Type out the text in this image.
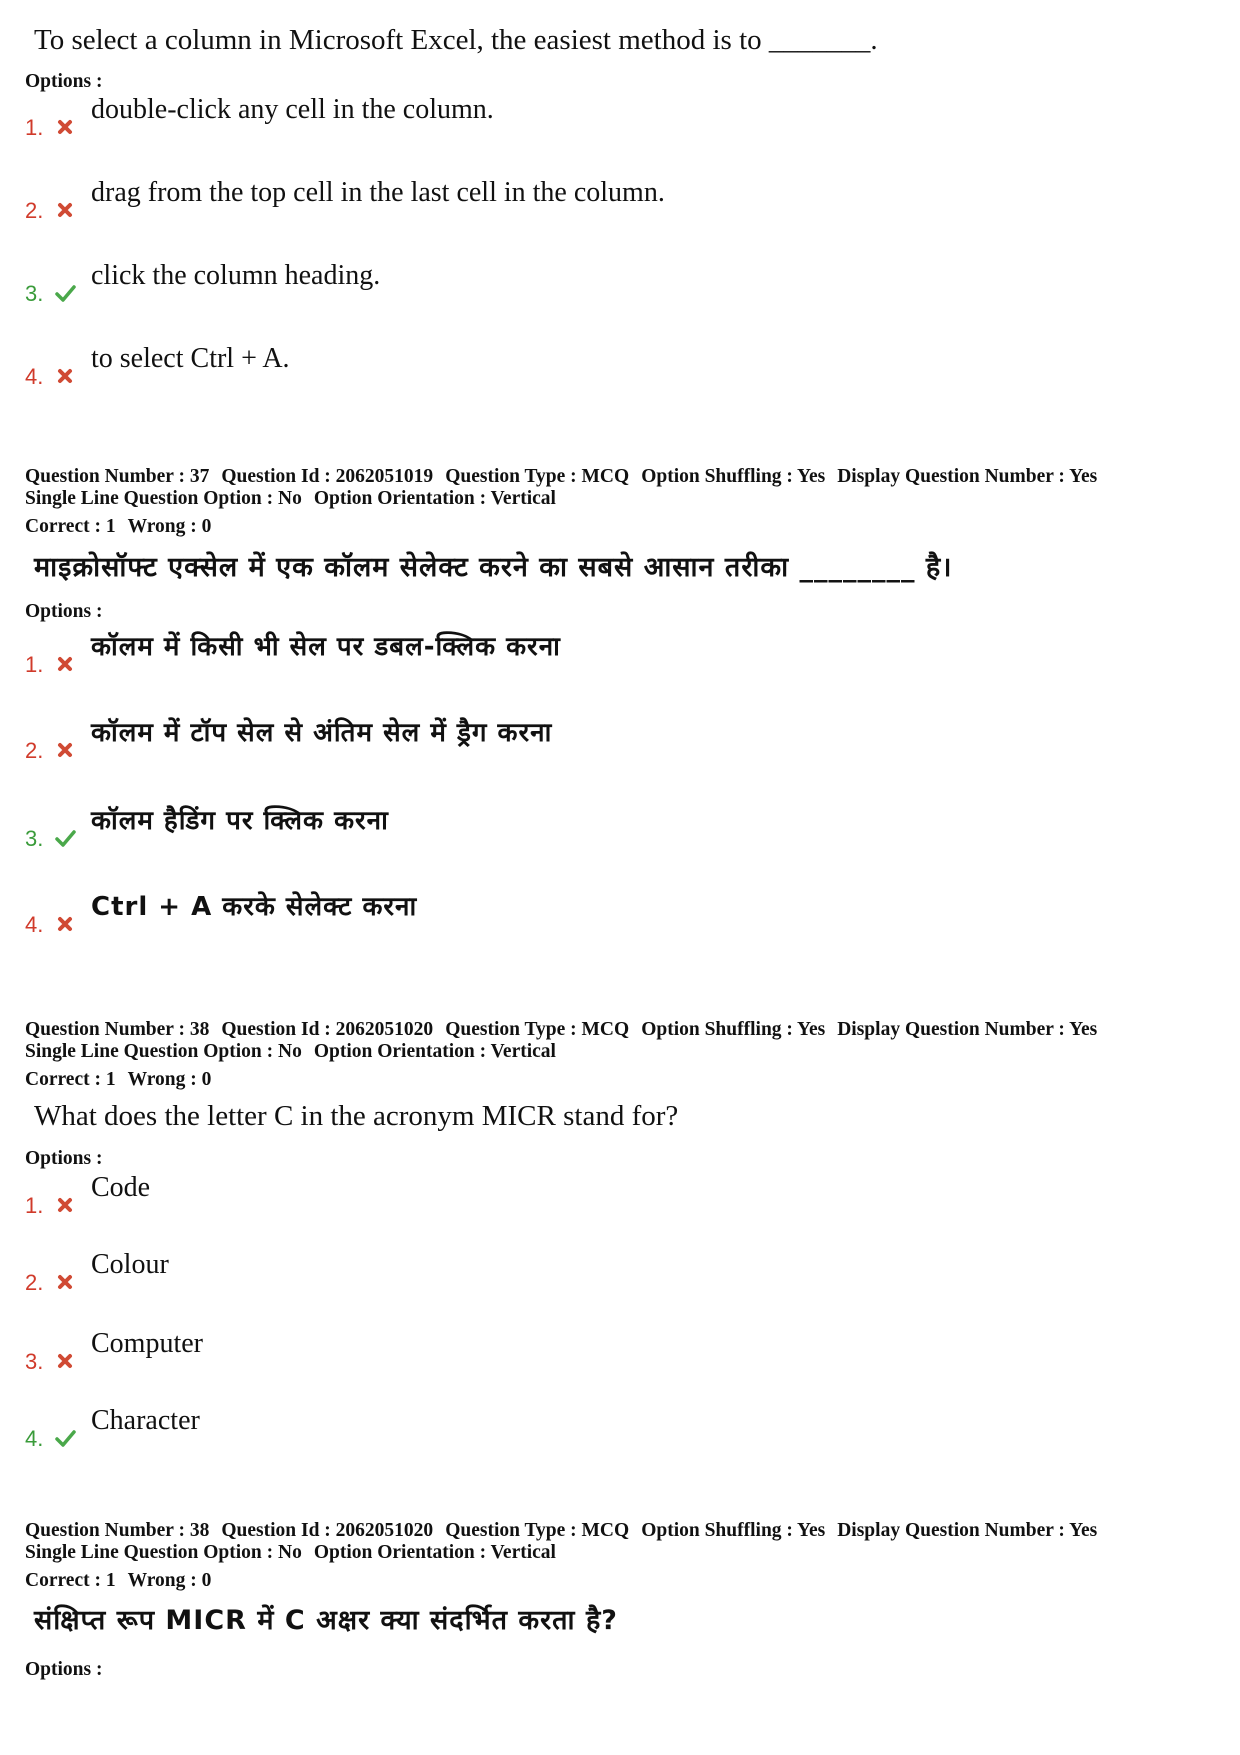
To select a column in Microsoft Excel, the easiest method is to _______.
Options :
1.
double-click any cell in the column.
2.
drag from the top cell in the last cell in the column.
3.
click the column heading.
4.
to select Ctrl + A.
Question Number : 37 Question Id : 2062051019 Question Type : MCQ Option Shuffling : Yes Display Question Number : Yes
Single Line Question Option : No Option Orientation : Vertical
Correct : 1 Wrong : 0
माइक्रोसॉफ्ट एक्सेल में एक कॉलम सेलेक्ट करने का सबसे आसान तरीका ________ है।
Options :
1.
कॉलम में किसी भी सेल पर डबल-क्लिक करना
2.
कॉलम में टॉप सेल से अंतिम सेल में ड्रैग करना
3.
कॉलम हैडिंग पर क्लिक करना
4.
Ctrl + A करके सेलेक्ट करना
Question Number : 38 Question Id : 2062051020 Question Type : MCQ Option Shuffling : Yes Display Question Number : Yes
Single Line Question Option : No Option Orientation : Vertical
Correct : 1 Wrong : 0
What does the letter C in the acronym MICR stand for?
Options :
1.
Code
2.
Colour
3.
Computer
4.
Character
Question Number : 38 Question Id : 2062051020 Question Type : MCQ Option Shuffling : Yes Display Question Number : Yes
Single Line Question Option : No Option Orientation : Vertical
Correct : 1 Wrong : 0
संक्षिप्त रूप MICR में C अक्षर क्या संदर्भित करता है?
Options :
